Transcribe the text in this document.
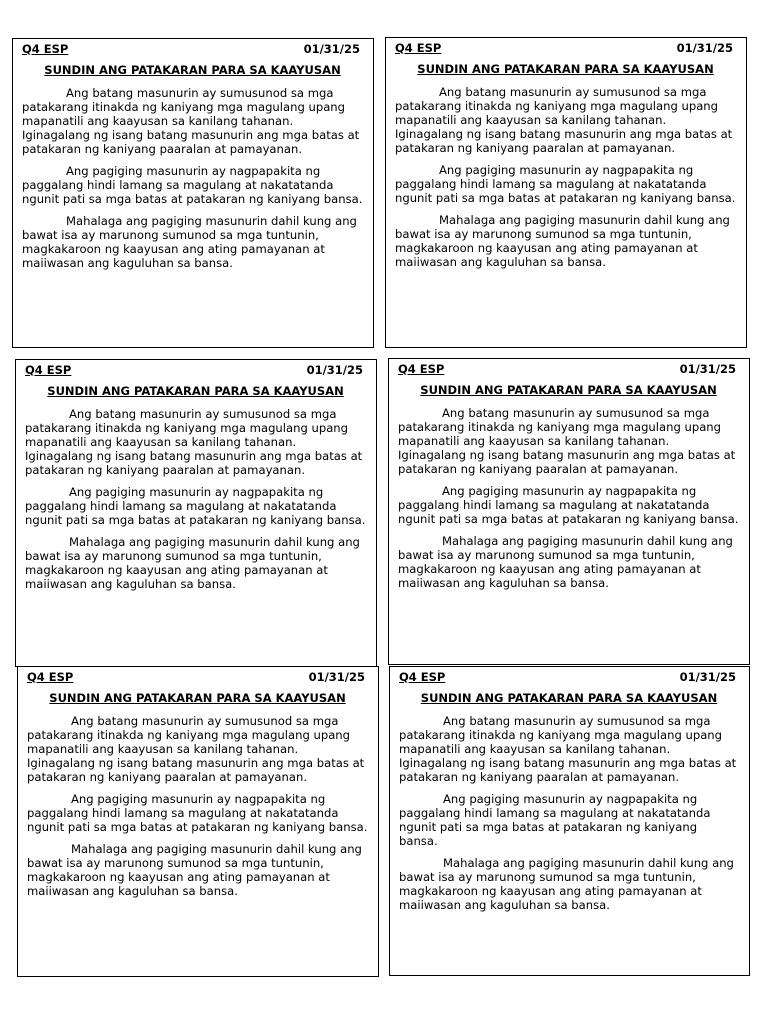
Q4 ESP	01/31/25
SUNDIN ANG PATAKARAN PARA SA KAAYUSAN

Ang batang masunurin ay sumusunod sa mga patakarang itinakda ng kaniyang mga magulang upang mapanatili ang kaayusan sa kanilang tahanan. Iginagalang ng isang batang masunurin ang mga batas at patakaran ng kaniyang paaralan at pamayanan.

Ang pagiging masunurin ay nagpapakita ng paggalang hindi lamang sa magulang at nakatatanda ngunit pati sa mga batas at patakaran ng kaniyang bansa.

Mahalaga ang pagiging masunurin dahil kung ang bawat isa ay marunong sumunod sa mga tuntunin, magkakaroon ng kaayusan ang ating pamayanan at maiiwasan ang kaguluhan sa bansa.

Q4 ESP	01/31/25
SUNDIN ANG PATAKARAN PARA SA KAAYUSAN

Ang batang masunurin ay sumusunod sa mga patakarang itinakda ng kaniyang mga magulang upang mapanatili ang kaayusan sa kanilang tahanan. Iginagalang ng isang batang masunurin ang mga batas at patakaran ng kaniyang paaralan at pamayanan.

Ang pagiging masunurin ay nagpapakita ng paggalang hindi lamang sa magulang at nakatatanda ngunit pati sa mga batas at patakaran ng kaniyang bansa.

Mahalaga ang pagiging masunurin dahil kung ang bawat isa ay marunong sumunod sa mga tuntunin, magkakaroon ng kaayusan ang ating pamayanan at maiiwasan ang kaguluhan sa bansa.

Q4 ESP	01/31/25
SUNDIN ANG PATAKARAN PARA SA KAAYUSAN

Ang batang masunurin ay sumusunod sa mga patakarang itinakda ng kaniyang mga magulang upang mapanatili ang kaayusan sa kanilang tahanan. Iginagalang ng isang batang masunurin ang mga batas at patakaran ng kaniyang paaralan at pamayanan.

Ang pagiging masunurin ay nagpapakita ng paggalang hindi lamang sa magulang at nakatatanda ngunit pati sa mga batas at patakaran ng kaniyang bansa.

Mahalaga ang pagiging masunurin dahil kung ang bawat isa ay marunong sumunod sa mga tuntunin, magkakaroon ng kaayusan ang ating pamayanan at maiiwasan ang kaguluhan sa bansa.

Q4 ESP	01/31/25
SUNDIN ANG PATAKARAN PARA SA KAAYUSAN

Ang batang masunurin ay sumusunod sa mga patakarang itinakda ng kaniyang mga magulang upang mapanatili ang kaayusan sa kanilang tahanan. Iginagalang ng isang batang masunurin ang mga batas at patakaran ng kaniyang paaralan at pamayanan.

Ang pagiging masunurin ay nagpapakita ng paggalang hindi lamang sa magulang at nakatatanda ngunit pati sa mga batas at patakaran ng kaniyang bansa.

Mahalaga ang pagiging masunurin dahil kung ang bawat isa ay marunong sumunod sa mga tuntunin, magkakaroon ng kaayusan ang ating pamayanan at maiiwasan ang kaguluhan sa bansa.

Q4 ESP	01/31/25
SUNDIN ANG PATAKARAN PARA SA KAAYUSAN

Ang batang masunurin ay sumusunod sa mga patakarang itinakda ng kaniyang mga magulang upang mapanatili ang kaayusan sa kanilang tahanan. Iginagalang ng isang batang masunurin ang mga batas at patakaran ng kaniyang paaralan at pamayanan.

Ang pagiging masunurin ay nagpapakita ng paggalang hindi lamang sa magulang at nakatatanda ngunit pati sa mga batas at patakaran ng kaniyang bansa.

Mahalaga ang pagiging masunurin dahil kung ang bawat isa ay marunong sumunod sa mga tuntunin, magkakaroon ng kaayusan ang ating pamayanan at maiiwasan ang kaguluhan sa bansa.

Q4 ESP	01/31/25
SUNDIN ANG PATAKARAN PARA SA KAAYUSAN

Ang batang masunurin ay sumusunod sa mga patakarang itinakda ng kaniyang mga magulang upang mapanatili ang kaayusan sa kanilang tahanan. Iginagalang ng isang batang masunurin ang mga batas at patakaran ng kaniyang paaralan at pamayanan.

Ang pagiging masunurin ay nagpapakita ng paggalang hindi lamang sa magulang at nakatatanda ngunit pati sa mga batas at patakaran ng kaniyang bansa.

Mahalaga ang pagiging masunurin dahil kung ang bawat isa ay marunong sumunod sa mga tuntunin, magkakaroon ng kaayusan ang ating pamayanan at maiiwasan ang kaguluhan sa bansa.
